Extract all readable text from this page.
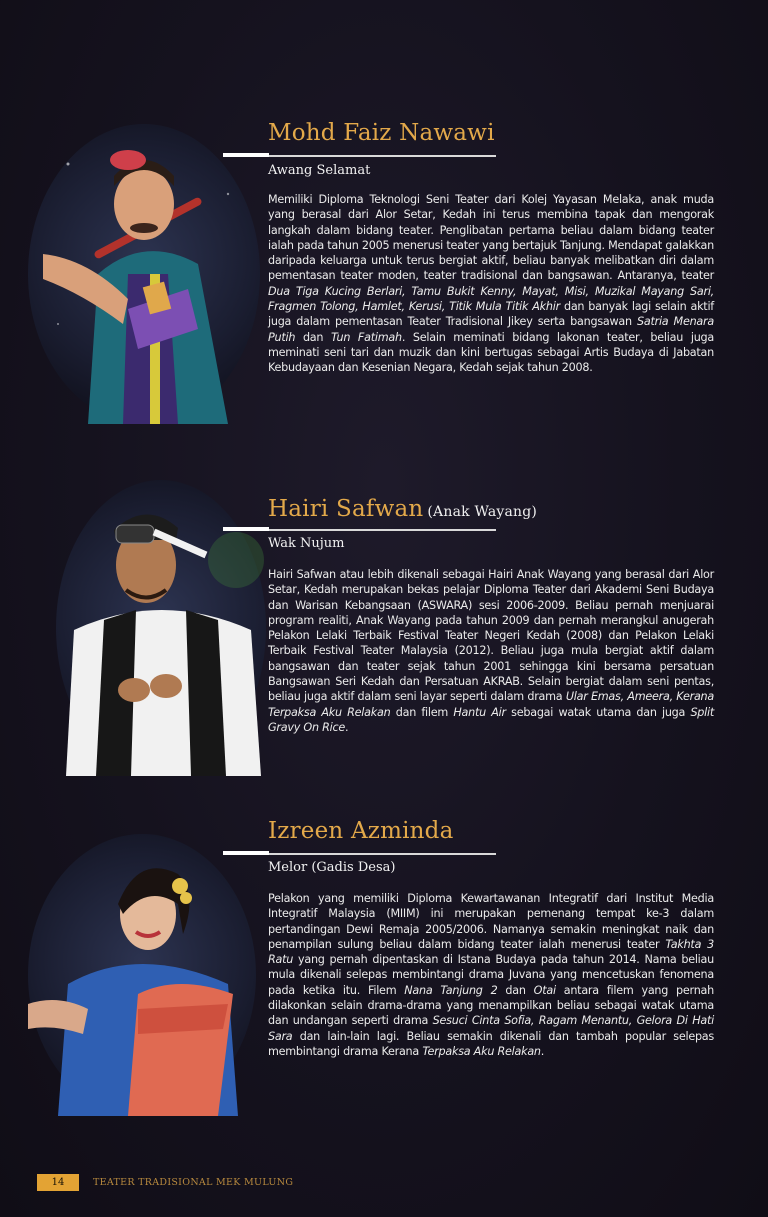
Mohd Faiz Nawawi

Awang Selamat

Memiliki Diploma Teknologi Seni Teater dari Kolej Yayasan Melaka, anak muda yang berasal dari Alor Setar, Kedah ini terus membina tapak dan mengorak langkah dalam bidang teater. Penglibatan pertama beliau dalam bidang teater ialah pada tahun 2005 menerusi teater yang bertajuk Tanjung. Mendapat galakkan daripada keluarga untuk terus bergiat aktif, beliau banyak melibatkan diri dalam pementasan teater moden, teater tradisional dan bangsawan. Antaranya, teater Dua Tiga Kucing Berlari, Tamu Bukit Kenny, Mayat, Misi, Muzikal Mayang Sari, Fragmen Tolong, Hamlet, Kerusi, Titik Mula Titik Akhir dan banyak lagi selain aktif juga dalam pementasan Teater Tradisional Jikey serta bangsawan Satria Menara Putih dan Tun Fatimah. Selain meminati bidang lakonan teater, beliau juga meminati seni tari dan muzik dan kini bertugas sebagai Artis Budaya di Jabatan Kebudayaan dan Kesenian Negara, Kedah sejak tahun 2008.

Hairi Safwan (Anak Wayang)

Wak Nujum

Hairi Safwan atau lebih dikenali sebagai Hairi Anak Wayang yang berasal dari Alor Setar, Kedah merupakan bekas pelajar Diploma Teater dari Akademi Seni Budaya dan Warisan Kebangsaan (ASWARA) sesi 2006-2009. Beliau pernah menjuarai program realiti, Anak Wayang pada tahun 2009 dan pernah merangkul anugerah Pelakon Lelaki Terbaik Festival Teater Negeri Kedah (2008) dan Pelakon Lelaki Terbaik Festival Teater Malaysia (2012). Beliau juga mula bergiat aktif dalam bangsawan dan teater sejak tahun 2001 sehingga kini bersama persatuan Bangsawan Seri Kedah dan Persatuan AKRAB. Selain bergiat dalam seni pentas, beliau juga aktif dalam seni layar seperti dalam drama Ular Emas, Ameera, Kerana Terpaksa Aku Relakan dan filem Hantu Air sebagai watak utama dan juga Split Gravy On Rice.

Izreen Azminda

Melor (Gadis Desa)

Pelakon yang memiliki Diploma Kewartawanan Integratif dari Institut Media Integratif Malaysia (MIIM) ini merupakan pemenang tempat ke-3 dalam pertandingan Dewi Remaja 2005/2006. Namanya semakin meningkat naik dan penampilan sulung beliau dalam bidang teater ialah menerusi teater Takhta 3 Ratu yang pernah dipentaskan di Istana Budaya pada tahun 2014. Nama beliau mula dikenali selepas membintangi drama Juvana yang mencetuskan fenomena pada ketika itu. Filem Nana Tanjung 2 dan Otai antara filem yang pernah dilakonkan selain drama-drama yang menampilkan beliau sebagai watak utama dan undangan seperti drama Sesuci Cinta Sofia, Ragam Menantu, Gelora Di Hati Sara dan lain-lain lagi. Beliau semakin dikenali dan tambah popular selepas membintangi drama Kerana Terpaksa Aku Relakan.

14	TEATER TRADISIONAL MEK MULUNG
